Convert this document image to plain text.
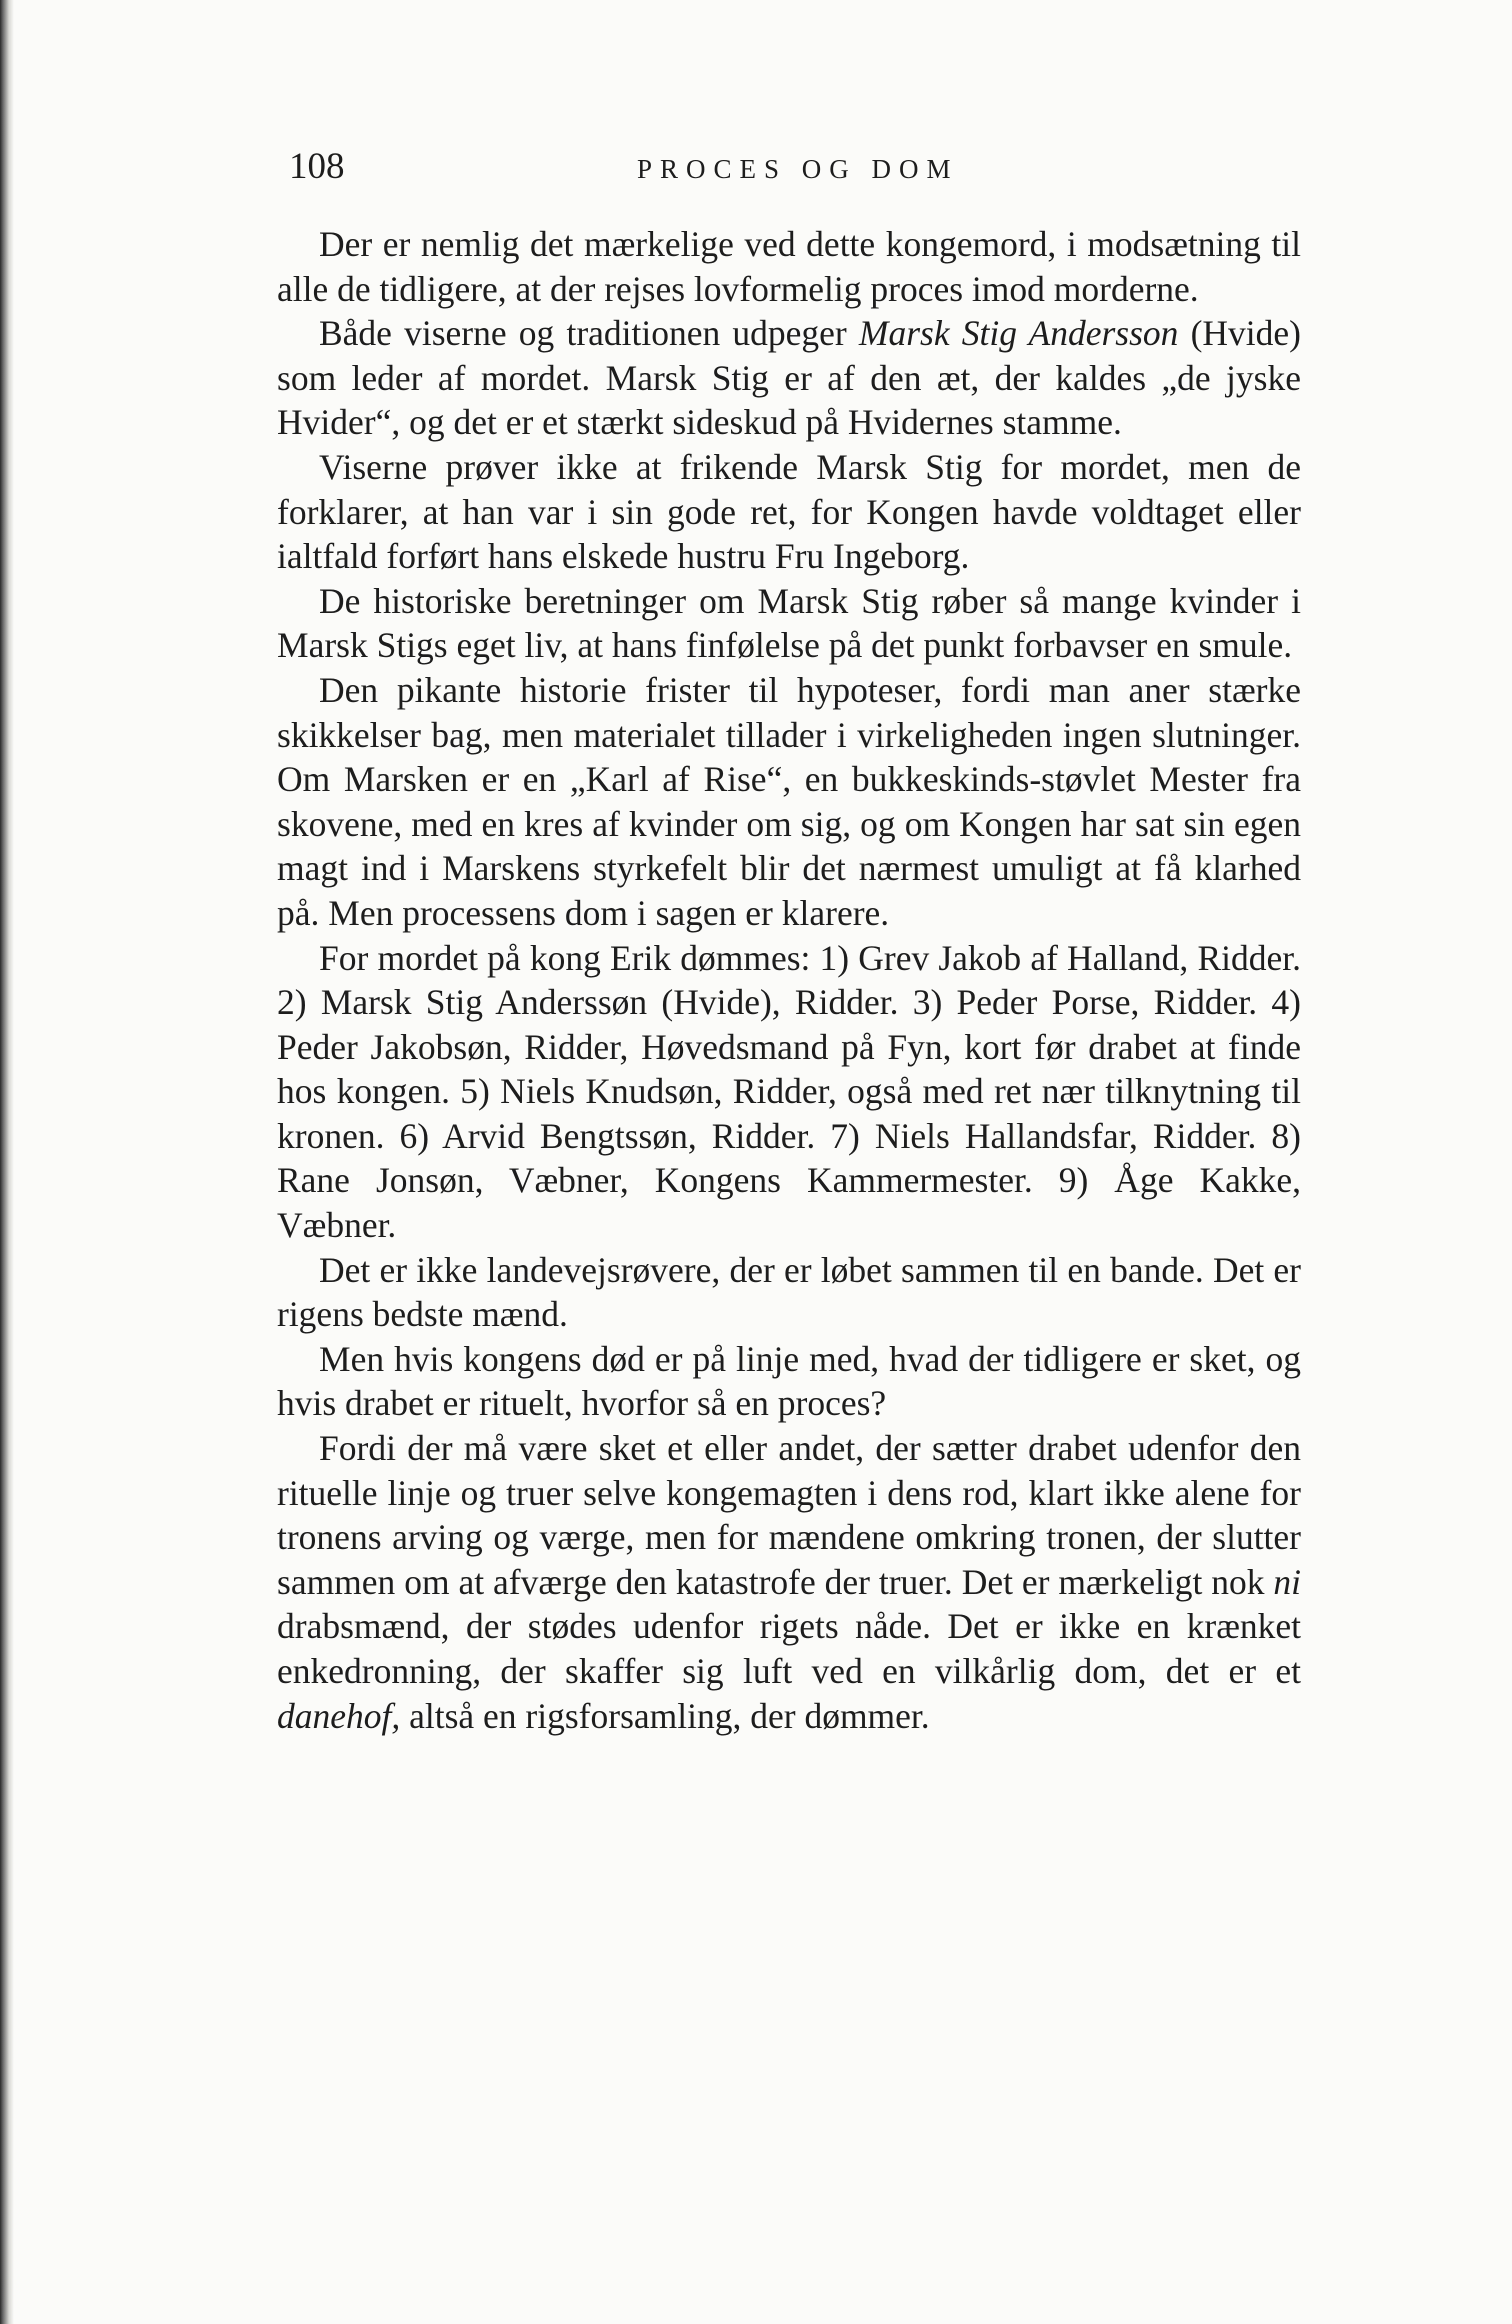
108	PROCES OG DOM

Der er nemlig det mærkelige ved dette kongemord, i modsætning til alle de tidligere, at der rejses lovformelig proces imod morderne.

Både viserne og traditionen udpeger Marsk Stig Andersson (Hvide) som leder af mordet. Marsk Stig er af den æt, der kaldes „de jyske Hvider“, og det er et stærkt sideskud på Hvidernes stamme.

Viserne prøver ikke at frikende Marsk Stig for mordet, men de forklarer, at han var i sin gode ret, for Kongen havde voldtaget eller ialtfald forført hans elskede hustru Fru Ingeborg.

De historiske beretninger om Marsk Stig røber så mange kvinder i Marsk Stigs eget liv, at hans finfølelse på det punkt forbavser en smule.

Den pikante historie frister til hypoteser, fordi man aner stærke skikkelser bag, men materialet tillader i virkeligheden ingen slutninger. Om Marsken er en „Karl af Rise“, en bukkeskinds-støvlet Mester fra skovene, med en kres af kvinder om sig, og om Kongen har sat sin egen magt ind i Marskens styrkefelt blir det nærmest umuligt at få klarhed på. Men processens dom i sagen er klarere.

For mordet på kong Erik dømmes: 1) Grev Jakob af Halland, Ridder. 2) Marsk Stig Anderssøn (Hvide), Ridder. 3) Peder Porse, Ridder. 4) Peder Jakobsøn, Ridder, Høvedsmand på Fyn, kort før drabet at finde hos kongen. 5) Niels Knudsøn, Ridder, også med ret nær tilknytning til kronen. 6) Arvid Bengtssøn, Ridder. 7) Niels Hallandsfar, Ridder. 8) Rane Jonsøn, Væbner, Kongens Kammermester. 9) Åge Kakke, Væbner.

Det er ikke landevejsrøvere, der er løbet sammen til en bande. Det er rigens bedste mænd.

Men hvis kongens død er på linje med, hvad der tidligere er sket, og hvis drabet er rituelt, hvorfor så en proces?

Fordi der må være sket et eller andet, der sætter drabet udenfor den rituelle linje og truer selve kongemagten i dens rod, klart ikke alene for tronens arving og værge, men for mændene omkring tronen, der slutter sammen om at afværge den katastrofe der truer. Det er mærkeligt nok ni drabsmænd, der stødes udenfor rigets nåde. Det er ikke en krænket enkedronning, der skaffer sig luft ved en vilkårlig dom, det er et danehof, altså en rigsforsamling, der dømmer.
